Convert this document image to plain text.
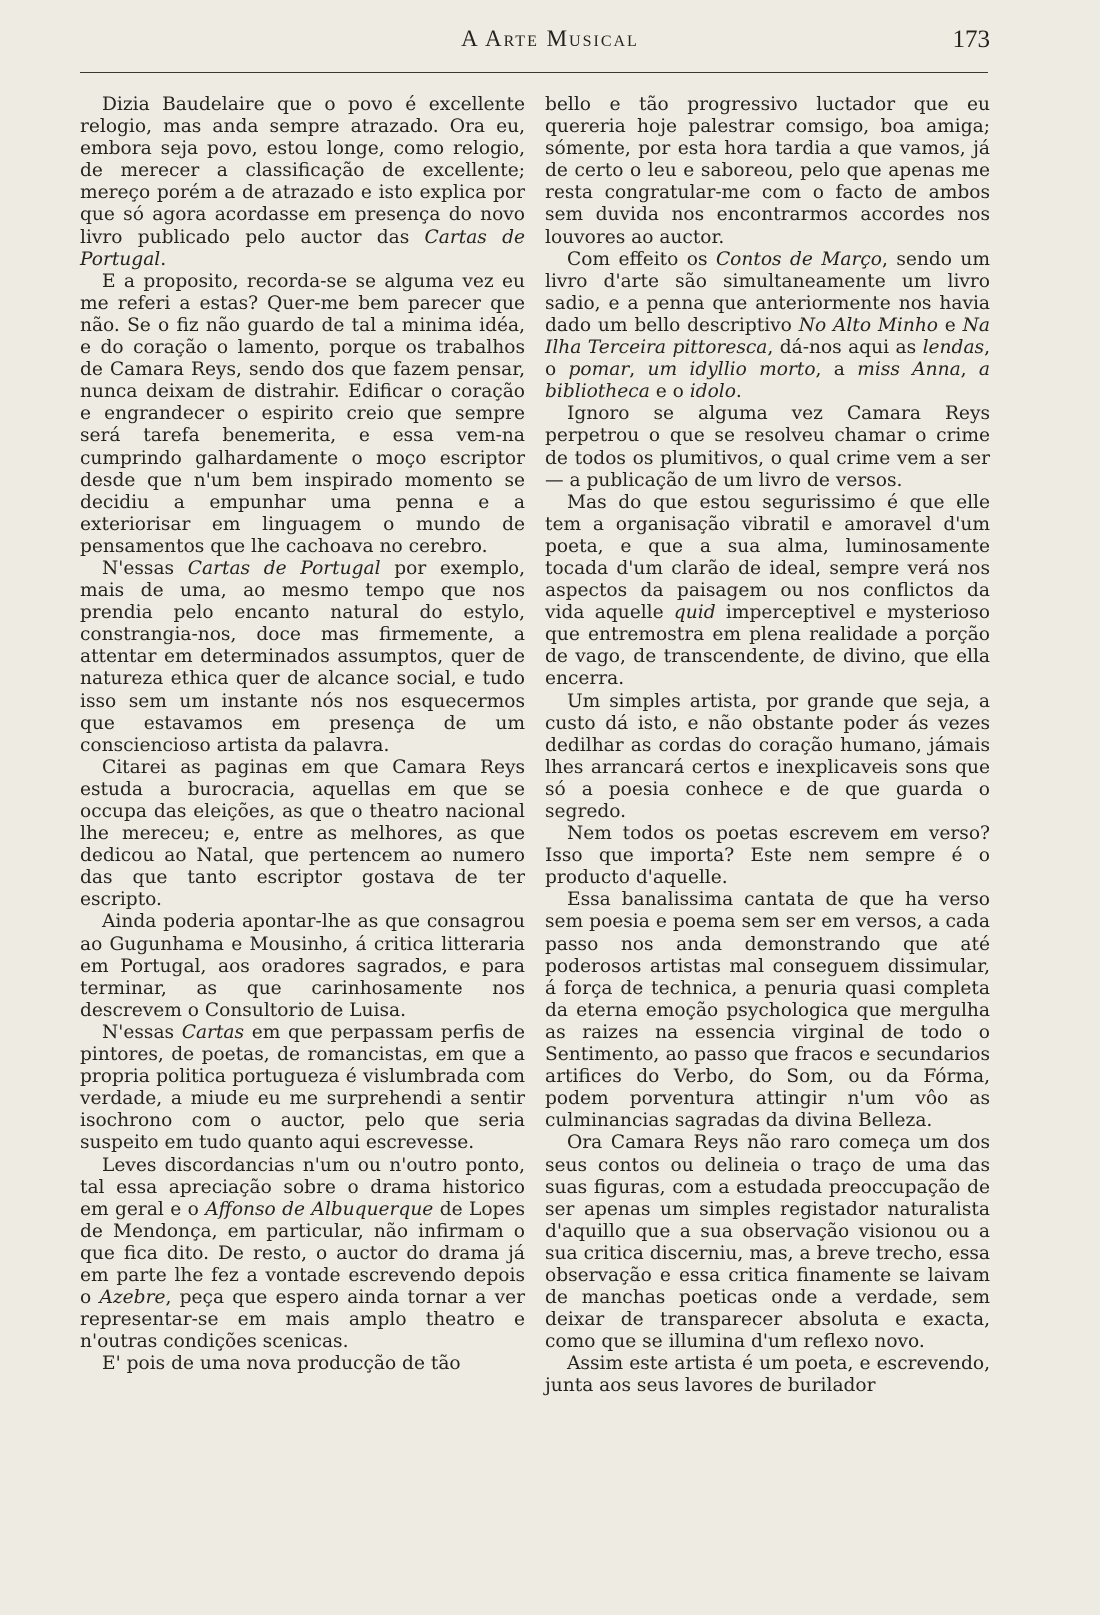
A Arte Musical	173

Dizia Baudelaire que o povo é excellente relogio, mas anda sempre atrazado. Ora eu, embora seja povo, estou longe, como relogio, de merecer a classificação de excellente; mereço porém a de atrazado e isto explica por que só agora acordasse em presença do novo livro publicado pelo auctor das Cartas de Portugal.

E a proposito, recorda-se se alguma vez eu me referi a estas? Quer-me bem parecer que não. Se o fiz não guardo de tal a minima idéa, e do coração o lamento, porque os trabalhos de Camara Reys, sendo dos que fazem pensar, nunca deixam de distrahir. Edificar o coração e engrandecer o espirito creio que sempre será tarefa benemerita, e essa vem-na cumprindo galhardamente o moço escriptor desde que n'um bem inspirado momento se decidiu a empunhar uma penna e a exteriorisar em linguagem o mundo de pensamentos que lhe cachoava no cerebro.

N'essas Cartas de Portugal por exemplo, mais de uma, ao mesmo tempo que nos prendia pelo encanto natural do estylo, constrangia-nos, doce mas firmemente, a attentar em determinados assumptos, quer de natureza ethica quer de alcance social, e tudo isso sem um instante nós nos esquecermos que estavamos em presença de um consciencioso artista da palavra.

Citarei as paginas em que Camara Reys estuda a burocracia, aquellas em que se occupa das eleições, as que o theatro nacional lhe mereceu; e, entre as melhores, as que dedicou ao Natal, que pertencem ao numero das que tanto escriptor gostava de ter escripto.

Ainda poderia apontar-lhe as que consagrou ao Gugunhama e Mousinho, á critica litteraria em Portugal, aos oradores sagrados, e para terminar, as que carinhosamente nos descrevem o Consultorio de Luisa.

N'essas Cartas em que perpassam perfis de pintores, de poetas, de romancistas, em que a propria politica portugueza é vislumbrada com verdade, a miude eu me surprehendi a sentir isochrono com o auctor, pelo que seria suspeito em tudo quanto aqui escrevesse.

Leves discordancias n'um ou n'outro ponto, tal essa apreciação sobre o drama historico em geral e o Affonso de Albuquerque de Lopes de Mendonça, em particular, não infirmam o que fica dito. De resto, o auctor do drama já em parte lhe fez a vontade escrevendo depois o Azebre, peça que espero ainda tornar a ver representar-se em mais amplo theatro e n'outras condições scenicas.

E' pois de uma nova producção de tão

bello e tão progressivo luctador que eu quereria hoje palestrar comsigo, boa amiga; sómente, por esta hora tardia a que vamos, já de certo o leu e saboreou, pelo que apenas me resta congratular-me com o facto de ambos sem duvida nos encontrarmos accordes nos louvores ao auctor.

Com effeito os Contos de Março, sendo um livro d'arte são simultaneamente um livro sadio, e a penna que anteriormente nos havia dado um bello descriptivo No Alto Minho e Na Ilha Terceira pittoresca, dá-nos aqui as lendas, o pomar, um idyllio morto, a miss Anna, a bibliotheca e o idolo.

Ignoro se alguma vez Camara Reys perpetrou o que se resolveu chamar o crime de todos os plumitivos, o qual crime vem a ser — a publicação de um livro de versos.

Mas do que estou segurissimo é que elle tem a organisação vibratil e amoravel d'um poeta, e que a sua alma, luminosamente tocada d'um clarão de ideal, sempre verá nos aspectos da paisagem ou nos conflictos da vida aquelle quid imperceptivel e mysterioso que entremostra em plena realidade a porção de vago, de transcendente, de divino, que ella encerra.

Um simples artista, por grande que seja, a custo dá isto, e não obstante poder ás vezes dedilhar as cordas do coração humano, jámais lhes arrancará certos e inexplicaveis sons que só a poesia conhece e de que guarda o segredo.

Nem todos os poetas escrevem em verso? Isso que importa? Este nem sempre é o producto d'aquelle.

Essa banalissima cantata de que ha verso sem poesia e poema sem ser em versos, a cada passo nos anda demonstrando que até poderosos artistas mal conseguem dissimular, á força de technica, a penuria quasi completa da eterna emoção psychologica que mergulha as raizes na essencia virginal de todo o Sentimento, ao passo que fracos e secundarios artifices do Verbo, do Som, ou da Fórma, podem porventura attingir n'um vôo as culminancias sagradas da divina Belleza.

Ora Camara Reys não raro começa um dos seus contos ou delineia o traço de uma das suas figuras, com a estudada preoccupação de ser apenas um simples registador naturalista d'aquillo que a sua observação visionou ou a sua critica discerniu, mas, a breve trecho, essa observação e essa critica finamente se laivam de manchas poeticas onde a verdade, sem deixar de transparecer absoluta e exacta, como que se illumina d'um reflexo novo.

Assim este artista é um poeta, e escrevendo, junta aos seus lavores de burilador
